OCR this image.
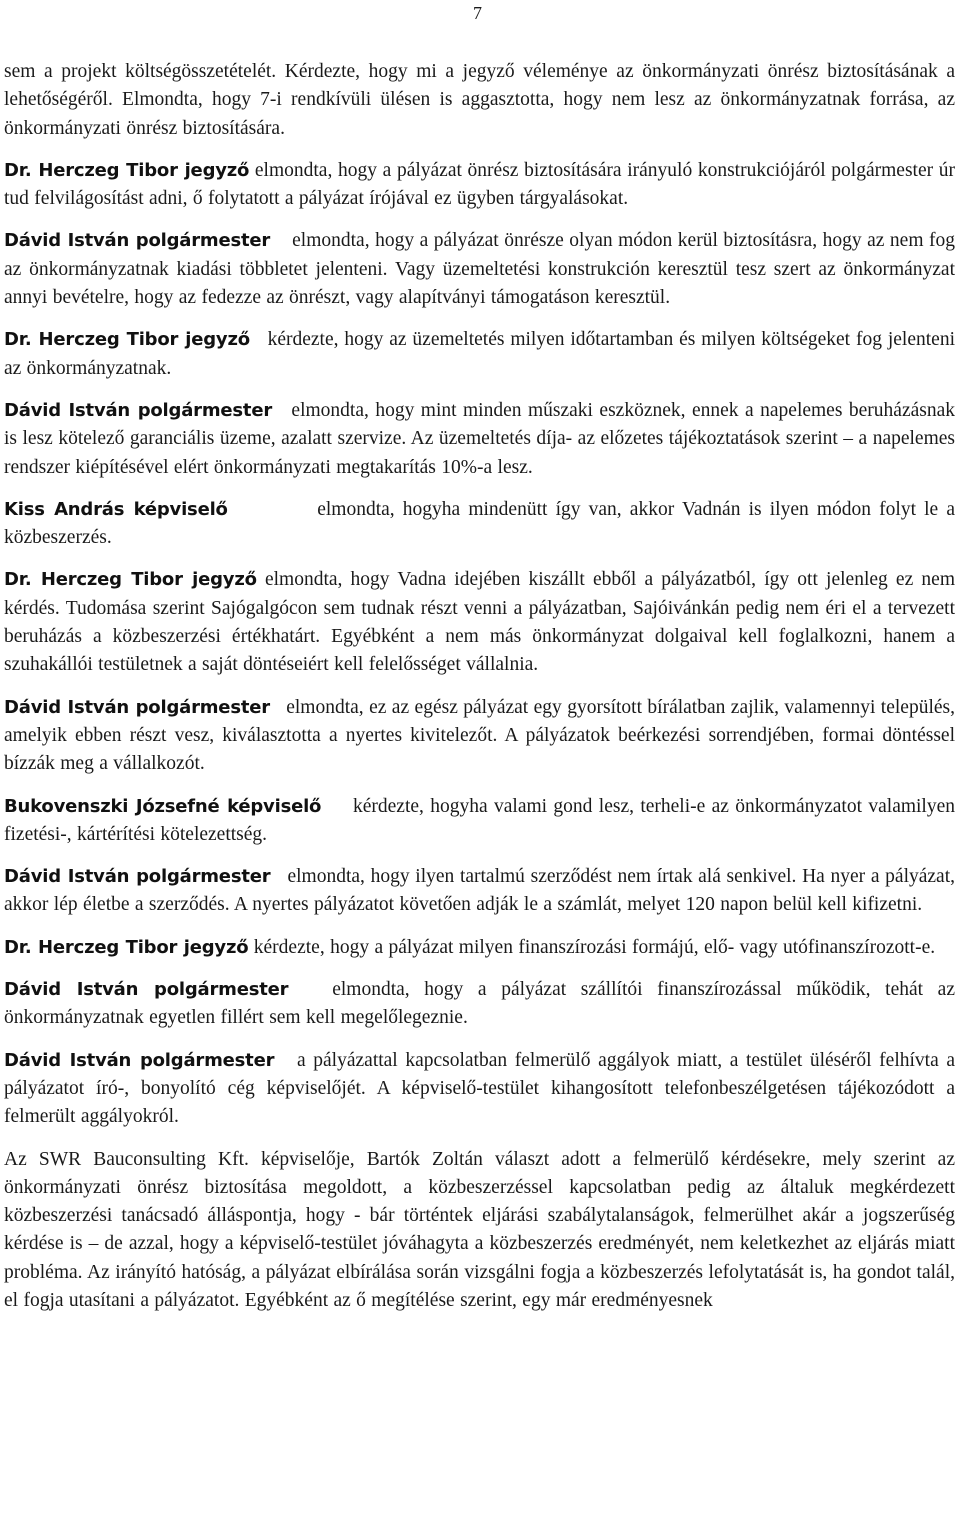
7

sem a projekt költségösszetételét. Kérdezte, hogy mi a jegyző véleménye az önkormányzati önrész biztosításának a lehetőségéről. Elmondta, hogy 7-i rendkívüli ülésen is aggasztotta, hogy nem lesz az önkormányzatnak forrása, az önkormányzati önrész biztosítására.

Dr. Herczeg Tibor jegyző elmondta, hogy a pályázat önrész biztosítására irányuló konstrukciójáról polgármester úr tud felvilágosítást adni, ő folytatott a pályázat írójával ez ügyben tárgyalásokat.

Dávid István polgármester elmondta, hogy a pályázat önrésze olyan módon kerül biztosításra, hogy az nem fog az önkormányzatnak kiadási többletet jelenteni. Vagy üzemeltetési konstrukción keresztül tesz szert az önkormányzat annyi bevételre, hogy az fedezze az önrészt, vagy alapítványi támogatáson keresztül.

Dr. Herczeg Tibor jegyző kérdezte, hogy az üzemeltetés milyen időtartamban és milyen költségeket fog jelenteni az önkormányzatnak.

Dávid István polgármester elmondta, hogy mint minden műszaki eszköznek, ennek a napelemes beruházásnak is lesz kötelező garanciális üzeme, azalatt szervize. Az üzemeltetés díja- az előzetes tájékoztatások szerint – a napelemes rendszer kiépítésével elért önkormányzati megtakarítás 10%-a lesz.

Kiss András képviselő	elmondta, hogyha mindenütt így van, akkor Vadnán is ilyen módon folyt le a közbeszerzés.

Dr. Herczeg Tibor jegyző elmondta, hogy Vadna idejében kiszállt ebből a pályázatból, így ott jelenleg ez nem kérdés. Tudomása szerint Sajógalgócon sem tudnak részt venni a pályázatban, Sajóivánkán pedig nem éri el a tervezett beruházás a közbeszerzési értékhatárt. Egyébként a nem más önkormányzat dolgaival kell foglalkozni, hanem a szuhakállói testületnek a saját döntéseiért kell felelősséget vállalnia.

Dávid István polgármester elmondta, ez az egész pályázat egy gyorsított bírálatban zajlik, valamennyi település, amelyik ebben részt vesz, kiválasztotta a nyertes kivitelezőt. A pályázatok beérkezési sorrendjében, formai döntéssel bízzák meg a vállalkozót.

Bukovenszki Józsefné képviselő kérdezte, hogyha valami gond lesz, terheli-e az önkormányzatot valamilyen fizetési-, kártérítési kötelezettség.

Dávid István polgármester elmondta, hogy ilyen tartalmú szerződést nem írtak alá senkivel. Ha nyer a pályázat, akkor lép életbe a szerződés. A nyertes pályázatot követően adják le a számlát, melyet 120 napon belül kell kifizetni.

Dr. Herczeg Tibor jegyző kérdezte, hogy a pályázat milyen finanszírozási formájú, elő- vagy utófinanszírozott-e.

Dávid István polgármester elmondta, hogy a pályázat szállítói finanszírozással működik, tehát az önkormányzatnak egyetlen fillért sem kell megelőlegeznie.

Dávid István polgármester a pályázattal kapcsolatban felmerülő aggályok miatt, a testület üléséről felhívta a pályázatot író-, bonyolító cég képviselőjét. A képviselő-testület kihangosított telefonbeszélgetésen tájékozódott a felmerült aggályokról.

Az SWR Bauconsulting Kft. képviselője, Bartók Zoltán választ adott a felmerülő kérdésekre, mely szerint az önkormányzati önrész biztosítása megoldott, a közbeszerzéssel kapcsolatban pedig az általuk megkérdezett közbeszerzési tanácsadó álláspontja, hogy - bár történtek eljárási szabálytalanságok, felmerülhet akár a jogszerűség kérdése is – de azzal, hogy a képviselő-testület jóváhagyta a közbeszerzés eredményét, nem keletkezhet az eljárás miatt probléma. Az irányító hatóság, a pályázat elbírálása során vizsgálni fogja a közbeszerzés lefolytatását is, ha gondot talál, el fogja utasítani a pályázatot. Egyébként az ő megítélése szerint, egy már eredményesnek
